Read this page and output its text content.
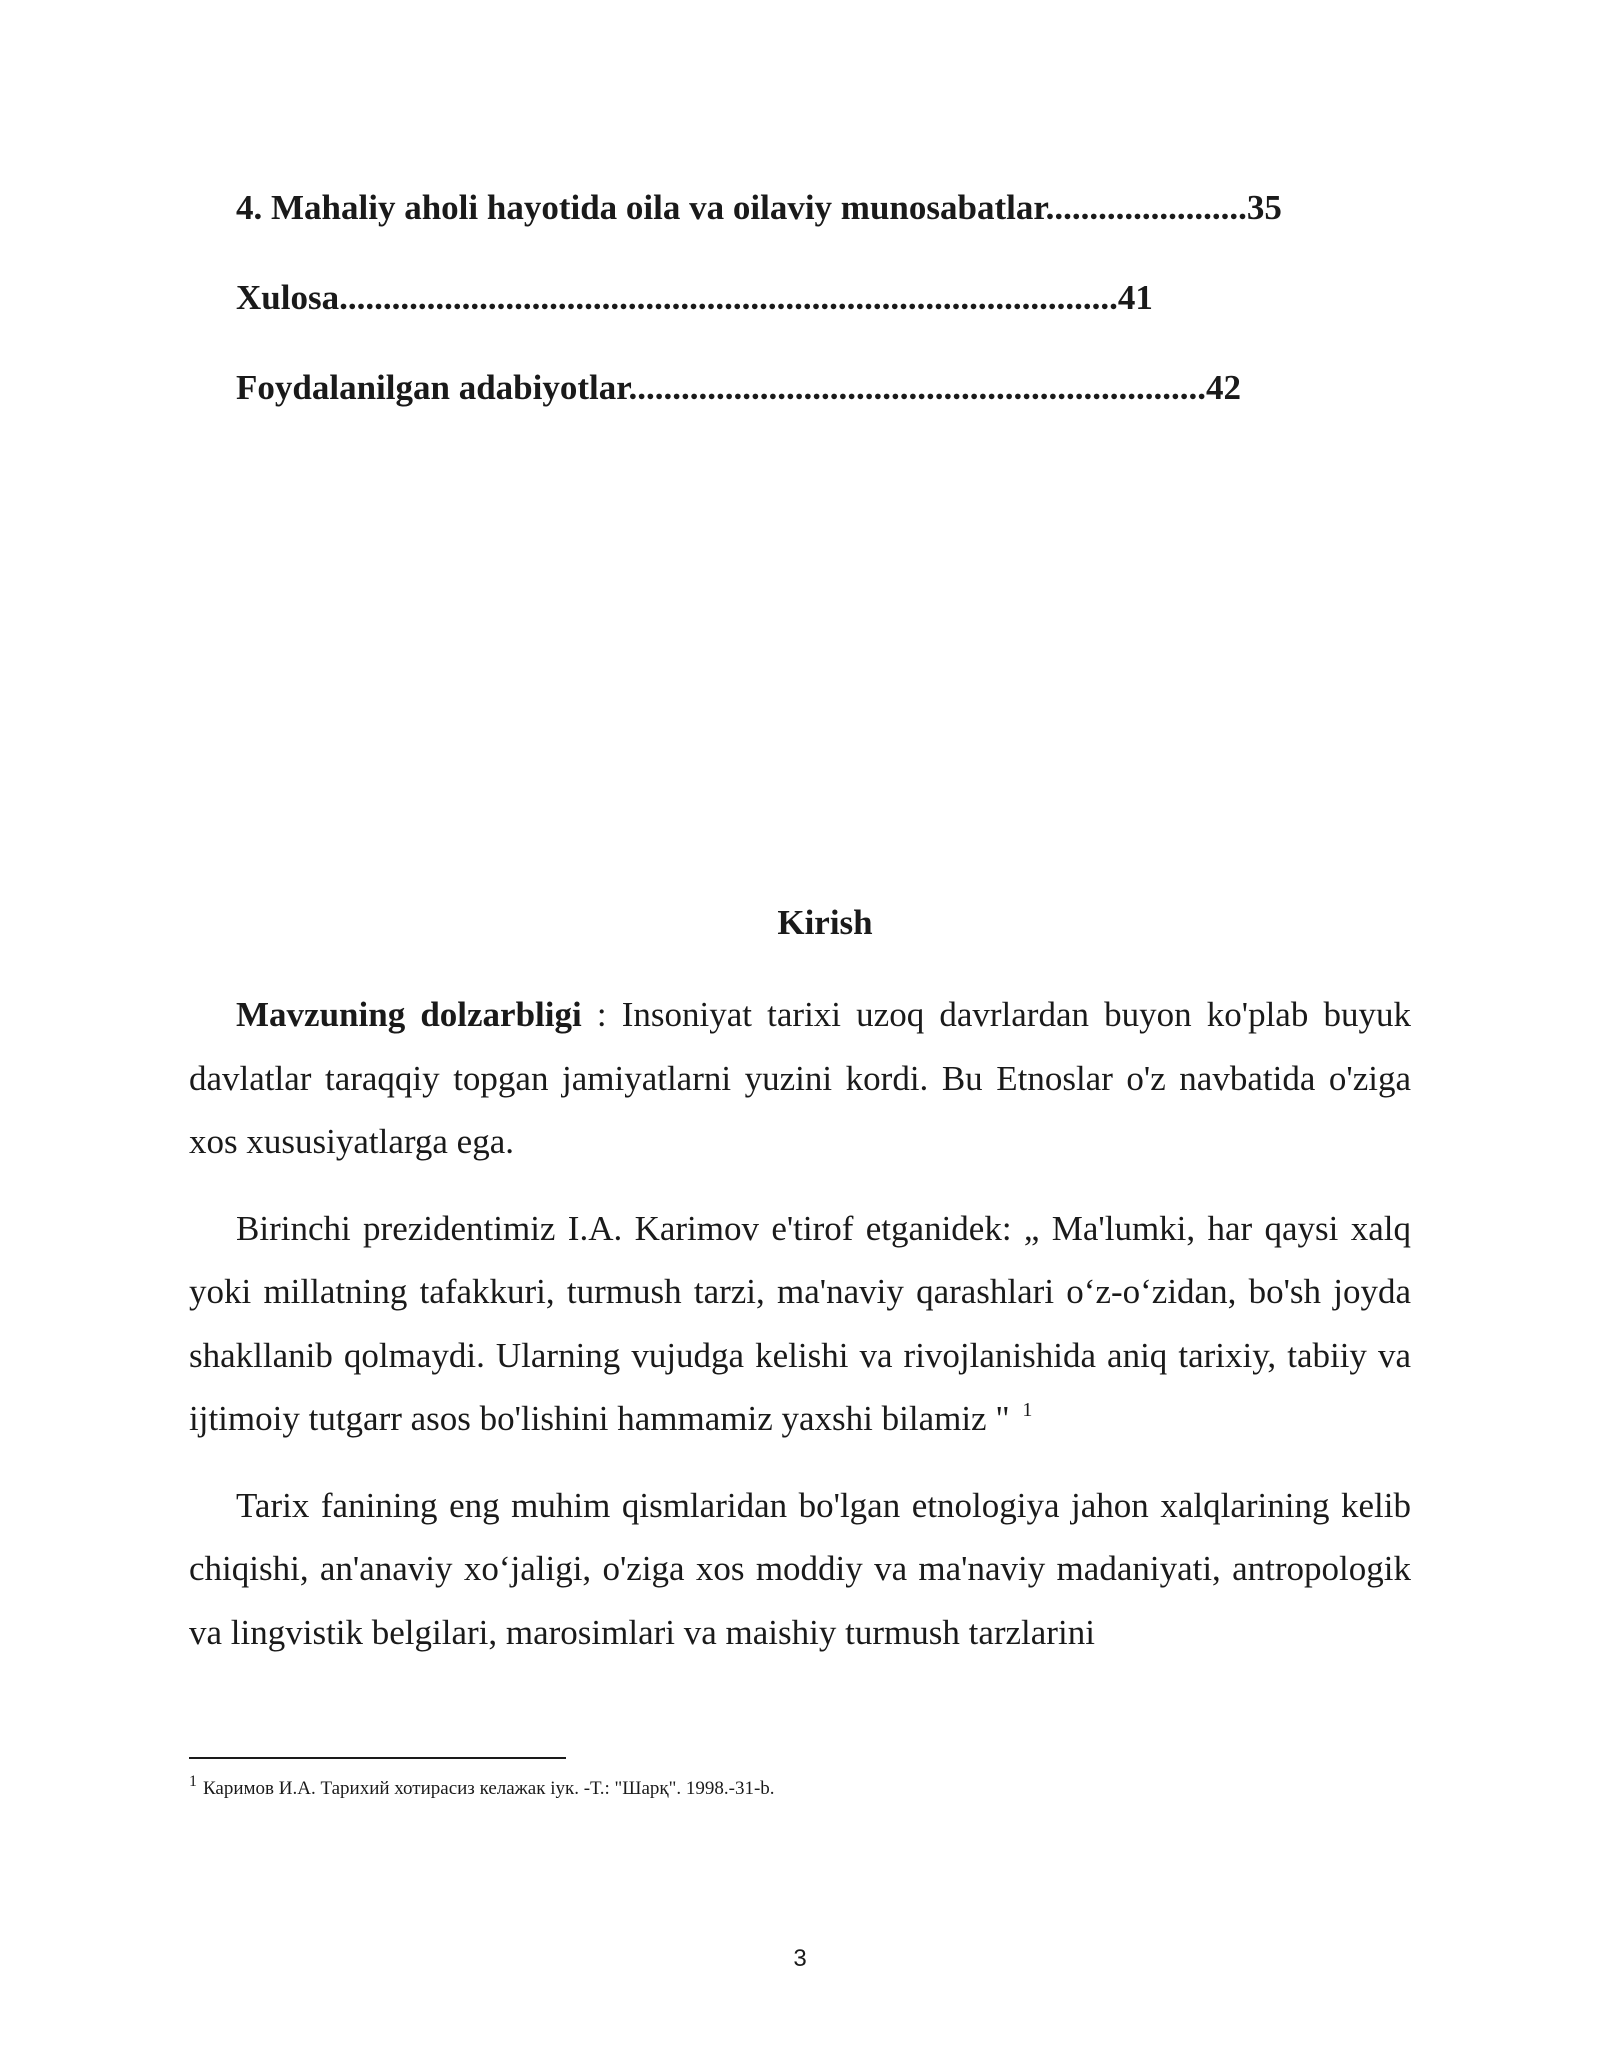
4. Mahaliy aholi hayotida oila va oilaviy munosabatlar.......................35
Xulosa.........................................................................................41
Foydalanilgan adabiyotlar..................................................................42
Kirish

Mavzuning dolzarbligi : Insoniyat tarixi uzoq davrlardan buyon ko'plab buyuk davlatlar taraqqiy topgan jamiyatlarni yuzini kordi. Bu Etnoslar o'z navbatida o'ziga xos xususiyatlarga ega.

Birinchi prezidentimiz I.A. Karimov e'tirof etganidek: „ Ma'lumki, har qaysi xalq yoki millatning tafakkuri, turmush tarzi, ma'naviy qarashlari o‘z-o‘zidan, bo'sh joyda shakllanib qolmaydi. Ularning vujudga kelishi va rivojlanishida aniq tarixiy, tabiiy va ijtimoiy tutgarr asos bo'lishini hammamiz yaxshi bilamiz " $^1$

Tarix fanining eng muhim qismlaridan bo'lgan etnologiya jahon xalqlarining kelib chiqishi, an'anaviy xo‘jaligi, o'ziga xos moddiy va ma'naviy madaniyati, antropologik va lingvistik belgilari, marosimlari va maishiy turmush tarzlarini

$^1$ Каримов И.А. Тарихий хотирасиз келажак іук. -Т.: "Шарқ". 1998.-31-b.
3
